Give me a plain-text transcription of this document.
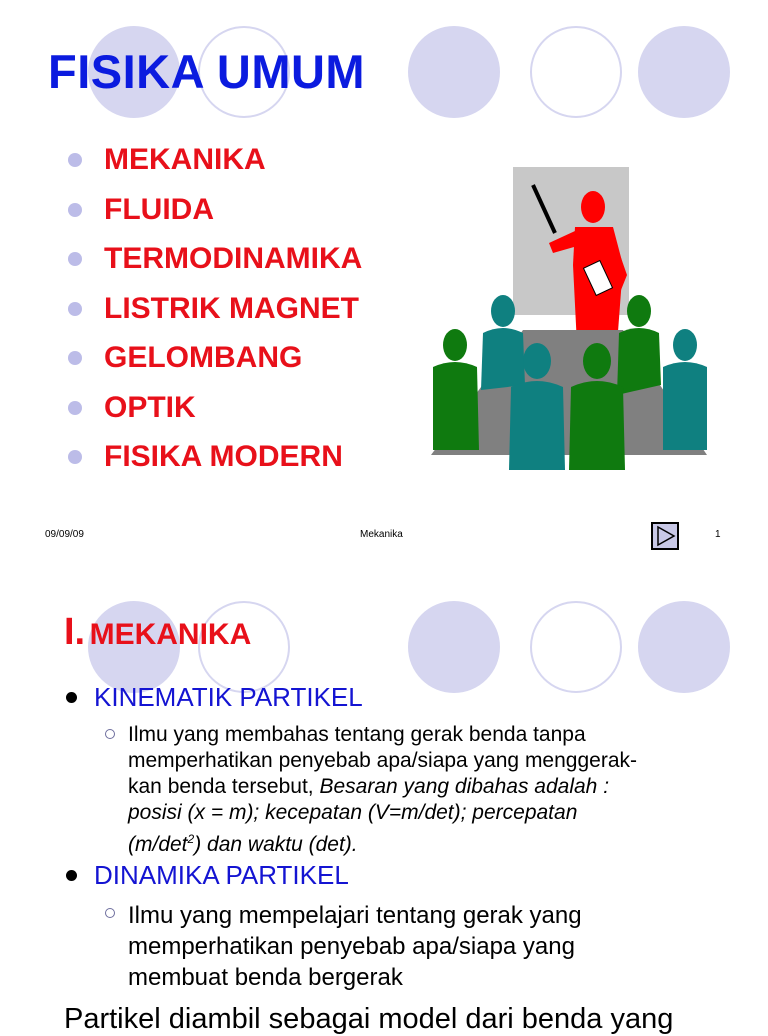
FISIKA UMUM
MEKANIKA
FLUIDA
TERMODINAMIKA
LISTRIK MAGNET
GELOMBANG
OPTIK
FISIKA MODERN
09/09/09	Mekanika	1
I. MEKANIKA
KINEMATIK PARTIKEL
Ilmu yang membahas tentang gerak benda tanpa
memperhatikan penyebab apa/siapa yang menggerak-
kan benda tersebut, Besaran yang dibahas adalah :
posisi (x = m); kecepatan (V=m/det); percepatan
$(m/\det^2)$ dan waktu (det).
DINAMIKA PARTIKEL
Ilmu yang mempelajari tentang gerak yang
memperhatikan penyebab apa/siapa yang
membuat benda bergerak
Partikel diambil sebagai model dari benda yang
